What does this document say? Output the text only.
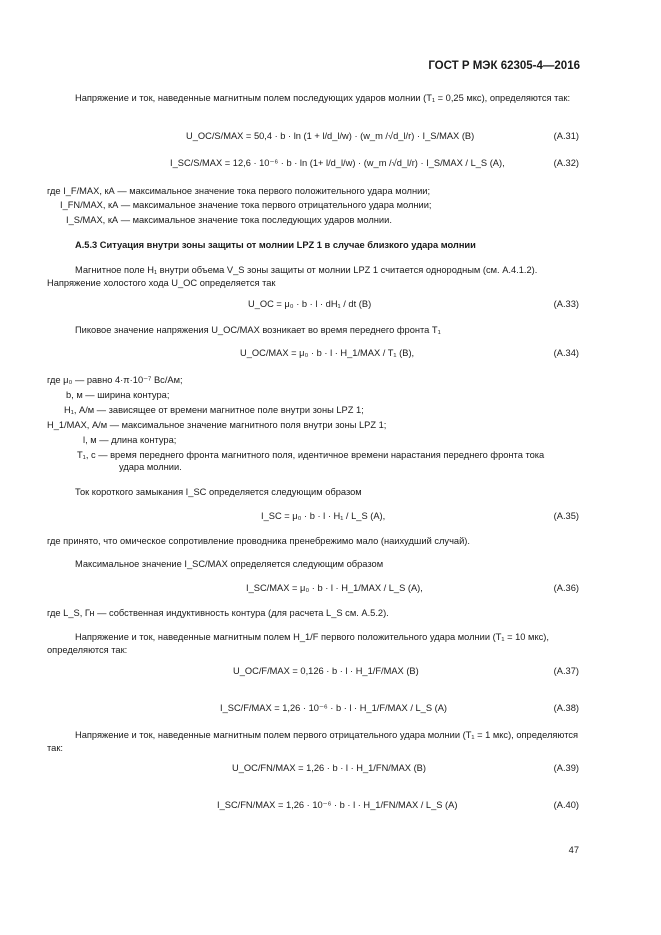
ГОСТ Р МЭК 62305-4—2016
Напряжение и ток, наведенные магнитным полем последующих ударов молнии (T₁ = 0,25 мкс), определяются так:
U_OC/S/MAX = 50,4 · b · ln (1 + l/d_l/w) · (w_m /√d_l/r) · I_S/MAX (B)	(A.31)
I_SC/S/MAX = 12,6 · 10⁻⁶ · b · ln (1+ l/d_l/w) · (w_m /√d_l/r) · I_S/MAX / L_S (A),	(A.32)
где I_F/MAX, кА — максимальное значение тока первого положительного удара молнии;
I_FN/MAX, кА — максимальное значение тока первого отрицательного удара молнии;
I_S/MAX, кА — максимальное значение тока последующих ударов молнии.
А.5.3 Ситуация внутри зоны защиты от молнии LPZ 1 в случае близкого удара молнии
Магнитное поле H₁ внутри объема V_S зоны защиты от молнии LPZ 1 считается однородным (см. А.4.1.2). Напряжение холостого хода U_OC определяется так
U_OC = μ₀ · b · l · dH₁ / dt (В)	(А.33)
Пиковое значение напряжения U_OC/MAX возникает во время переднего фронта T₁
U_OC/MAX = μ₀ · b · l · H_1/MAX / T₁ (В),	(А.34)
где μ₀ — равно 4·π·10⁻⁷ Вс/Ам;
b, м — ширина контура;
H₁, А/м — зависящее от времени магнитное поле внутри зоны LPZ 1;
H_1/MAX, А/м — максимальное значение магнитного поля внутри зоны LPZ 1;
l, м — длина контура;
T₁, с — время переднего фронта магнитного поля, идентичное времени нарастания переднего фронта тока
удара молнии.
Ток короткого замыкания I_SC определяется следующим образом
I_SC = μ₀ · b · l · H₁ / L_S (A),	(А.35)
где принято, что омическое сопротивление проводника пренебрежимо мало (наихудший случай).
Максимальное значение I_SC/MAX определяется следующим образом
I_SC/MAX = μ₀ · b · l · H_1/MAX / L_S (A),	(А.36)
где L_S, Гн — собственная индуктивность контура (для расчета L_S см. А.5.2).
Напряжение и ток, наведенные магнитным полем H_1/F первого положительного удара молнии (T₁ = 10 мкс), определяются так:
U_OC/F/MAX = 0,126 · b · l · H_1/F/MAX (B)	(А.37)
I_SC/F/MAX = 1,26 · 10⁻⁶ · b · l · H_1/F/MAX / L_S (A)	(А.38)
Напряжение и ток, наведенные магнитным полем первого отрицательного удара молнии (T₁ = 1 мкс), определяются так:
U_OC/FN/MAX = 1,26 · b · l · H_1/FN/MAX (B)	(А.39)
I_SC/FN/MAX = 1,26 · 10⁻⁶ · b · l · H_1/FN/MAX / L_S (A)	(А.40)
47
